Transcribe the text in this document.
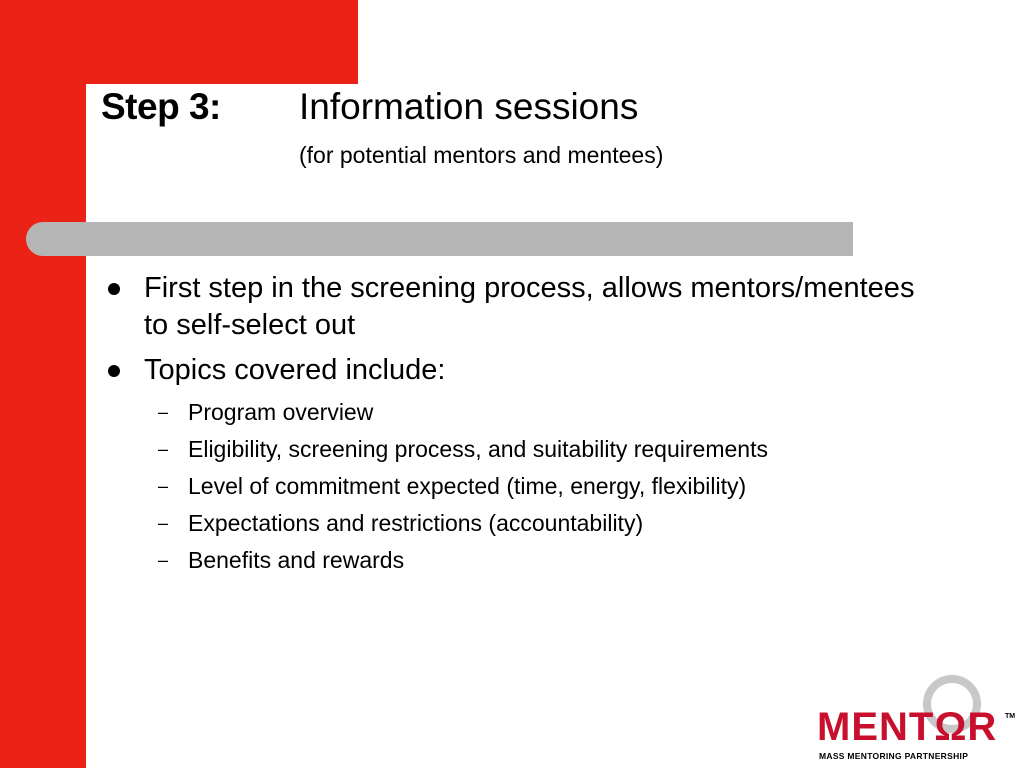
Step 3: Information sessions
(for potential mentors and mentees)
First step in the screening process, allows mentors/mentees to self-select out
Topics covered include:
– Program overview
– Eligibility, screening process, and suitability requirements
– Level of commitment expected (time, energy, flexibility)
– Expectations and restrictions (accountability)
– Benefits and rewards
MENTΩR TM
MASS MENTORING PARTNERSHIP
